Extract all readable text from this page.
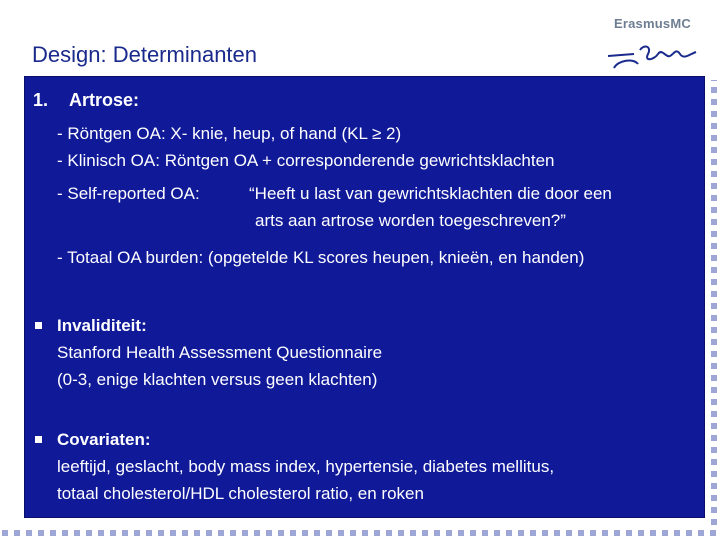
Design: Determinanten
ErasmusMC
1. Artrose:
- Röntgen OA: X- knie, heup, of hand (KL ≥ 2)
- Klinisch OA: Röntgen OA + corresponderende gewrichtsklachten
- Self-reported OA:	“Heeft u last van gewrichtsklachten die door een
arts aan artrose worden toegeschreven?”
- Totaal OA burden: (opgetelde KL scores heupen, knieën, en handen)
Invaliditeit:
Stanford Health Assessment Questionnaire
(0-3, enige klachten versus geen klachten)
Covariaten:
leeftijd, geslacht, body mass index, hypertensie, diabetes mellitus,
totaal cholesterol/HDL cholesterol ratio, en roken
